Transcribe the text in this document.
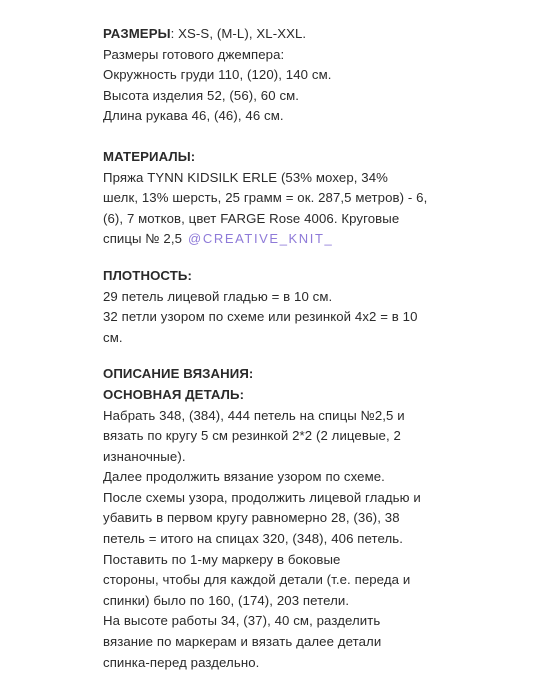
РАЗМЕРЫ: XS-S, (M-L), XL-XXL.
Размеры готового джемпера:
Окружность груди 110, (120), 140 см.
Высота изделия 52, (56), 60 см.
Длина рукава 46, (46), 46 см.
МАТЕРИАЛЫ:
Пряжа TYNN KIDSILK ERLE (53% мохер, 34%
шелк, 13% шерсть, 25 грамм = ок. 287,5 метров) - 6,
(6), 7 мотков, цвет FARGE Rose 4006. Круговые
спицы № 2,5 @CREATIVE_KNIT_
ПЛОТНОСТЬ:
29 петель лицевой гладью = в 10 см.
32 петли узором по схеме или резинкой 4х2 = в 10
см.
ОПИСАНИЕ ВЯЗАНИЯ:
ОСНОВНАЯ ДЕТАЛЬ:
Набрать 348, (384), 444 петель на спицы №2,5 и
вязать по кругу 5 см резинкой 2*2 (2 лицевые, 2
изнаночные).
Далее продолжить вязание узором по схеме.
После схемы узора, продолжить лицевой гладью и
убавить в первом кругу равномерно 28, (36), 38
петель = итого на спицах 320, (348), 406 петель.
Поставить по 1-му маркеру в боковые
стороны, чтобы для каждой детали (т.е. переда и
спинки) было по 160, (174), 203 петели.
На высоте работы 34, (37), 40 см, разделить
вязание по маркерам и вязать далее детали
спинка-перед раздельно.
